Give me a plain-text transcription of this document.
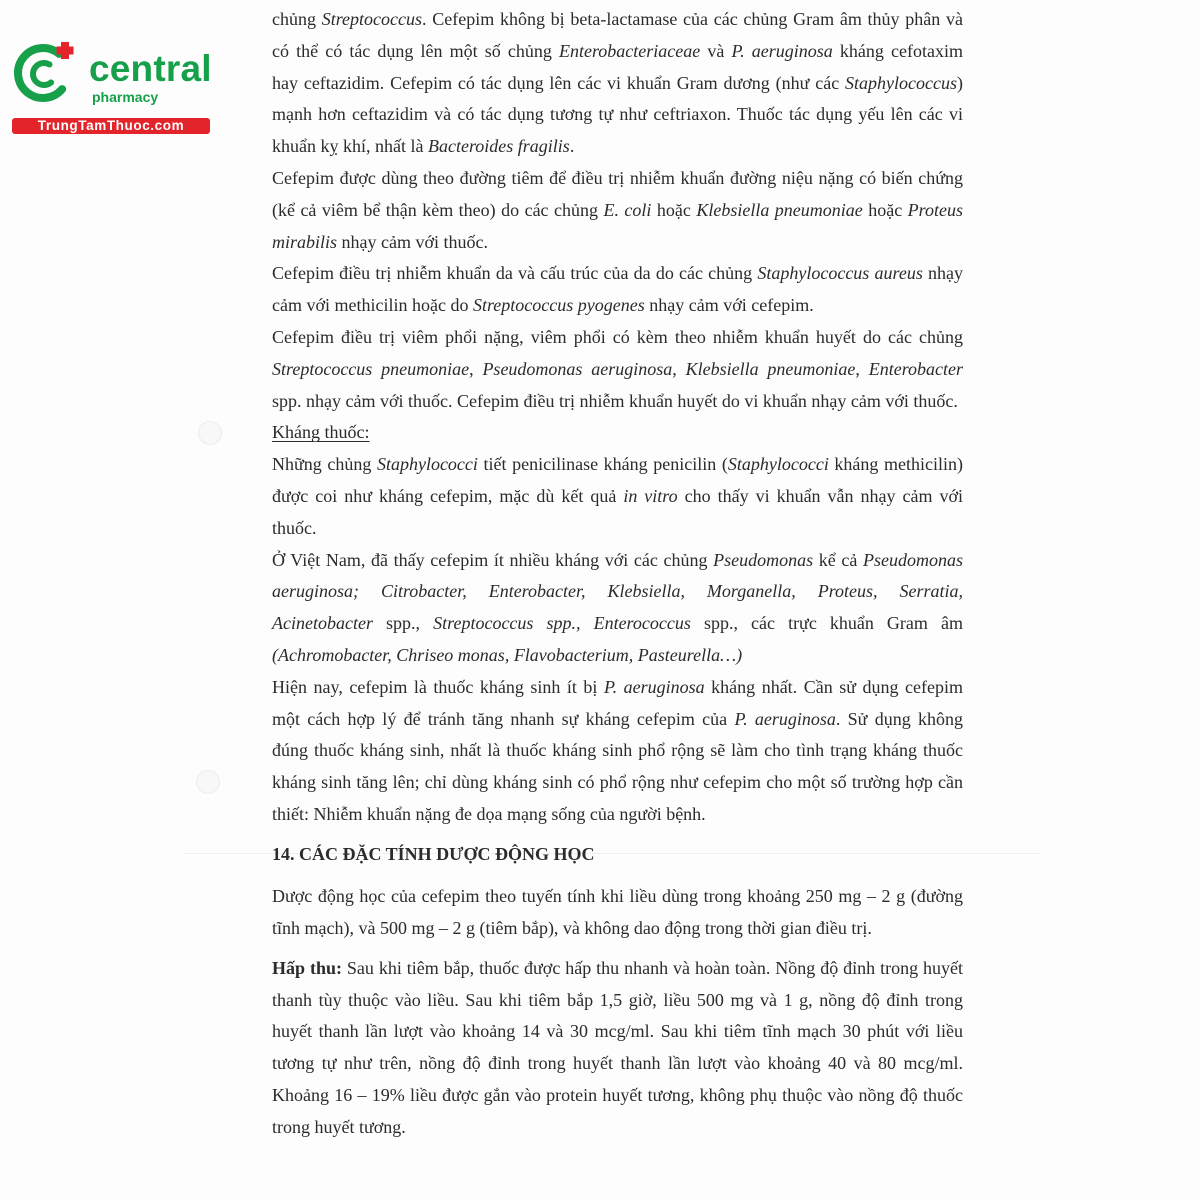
central
pharmacy
TrungTamThuoc.com
chủng Streptococcus. Cefepim không bị beta-lactamase của các chủng Gram âm thủy phân và
có thể có tác dụng lên một số chủng Enterobacteriaceae và P. aeruginosa kháng cefotaxim
hay ceftazidim. Cefepim có tác dụng lên các vi khuẩn Gram dương (như các Staphylococcus)
mạnh hơn ceftazidim và có tác dụng tương tự như ceftriaxon. Thuốc tác dụng yếu lên các vi
khuẩn kỵ khí, nhất là Bacteroides fragilis.
Cefepim được dùng theo đường tiêm để điều trị nhiễm khuẩn đường niệu nặng có biến chứng
(kể cả viêm bể thận kèm theo) do các chủng E. coli hoặc Klebsiella pneumoniae hoặc Proteus
mirabilis nhạy cảm với thuốc.
Cefepim điều trị nhiễm khuẩn da và cấu trúc của da do các chủng Staphylococcus aureus nhạy
cảm với methicilin hoặc do Streptococcus pyogenes nhạy cảm với cefepim.
Cefepim điều trị viêm phổi nặng, viêm phổi có kèm theo nhiễm khuẩn huyết do các chủng
Streptococcus pneumoniae, Pseudomonas aeruginosa, Klebsiella pneumoniae, Enterobacter
spp. nhạy cảm với thuốc. Cefepim điều trị nhiễm khuẩn huyết do vi khuẩn nhạy cảm với thuốc.
Kháng thuốc:
Những chủng Staphylococci tiết penicilinase kháng penicilin (Staphylococci kháng methicilin)
được coi như kháng cefepim, mặc dù kết quả in vitro cho thấy vi khuẩn vẫn nhạy cảm với
thuốc.
Ở Việt Nam, đã thấy cefepim ít nhiều kháng với các chủng Pseudomonas kể cả Pseudomonas
aeruginosa; Citrobacter, Enterobacter, Klebsiella, Morganella, Proteus, Serratia,
Acinetobacter spp., Streptococcus spp., Enterococcus spp., các trực khuẩn Gram âm
(Achromobacter, Chriseo monas, Flavobacterium, Pasteurella…)
Hiện nay, cefepim là thuốc kháng sinh ít bị P. aeruginosa kháng nhất. Cần sử dụng cefepim
một cách hợp lý để tránh tăng nhanh sự kháng cefepim của P. aeruginosa. Sử dụng không
đúng thuốc kháng sinh, nhất là thuốc kháng sinh phổ rộng sẽ làm cho tình trạng kháng thuốc
kháng sinh tăng lên; chỉ dùng kháng sinh có phổ rộng như cefepim cho một số trường hợp cần
thiết: Nhiễm khuẩn nặng đe dọa mạng sống của người bệnh.
14. CÁC ĐẶC TÍNH DƯỢC ĐỘNG HỌC
Dược động học của cefepim theo tuyến tính khi liều dùng trong khoảng 250 mg – 2 g (đường
tĩnh mạch), và 500 mg – 2 g (tiêm bắp), và không dao động trong thời gian điều trị.
Hấp thu: Sau khi tiêm bắp, thuốc được hấp thu nhanh và hoàn toàn. Nồng độ đỉnh trong huyết
thanh tùy thuộc vào liều. Sau khi tiêm bắp 1,5 giờ, liều 500 mg và 1 g, nồng độ đỉnh trong
huyết thanh lần lượt vào khoảng 14 và 30 mcg/ml. Sau khi tiêm tĩnh mạch 30 phút với liều
tương tự như trên, nồng độ đỉnh trong huyết thanh lần lượt vào khoảng 40 và 80 mcg/ml.
Khoảng 16 – 19% liều được gắn vào protein huyết tương, không phụ thuộc vào nồng độ thuốc
trong huyết tương.
